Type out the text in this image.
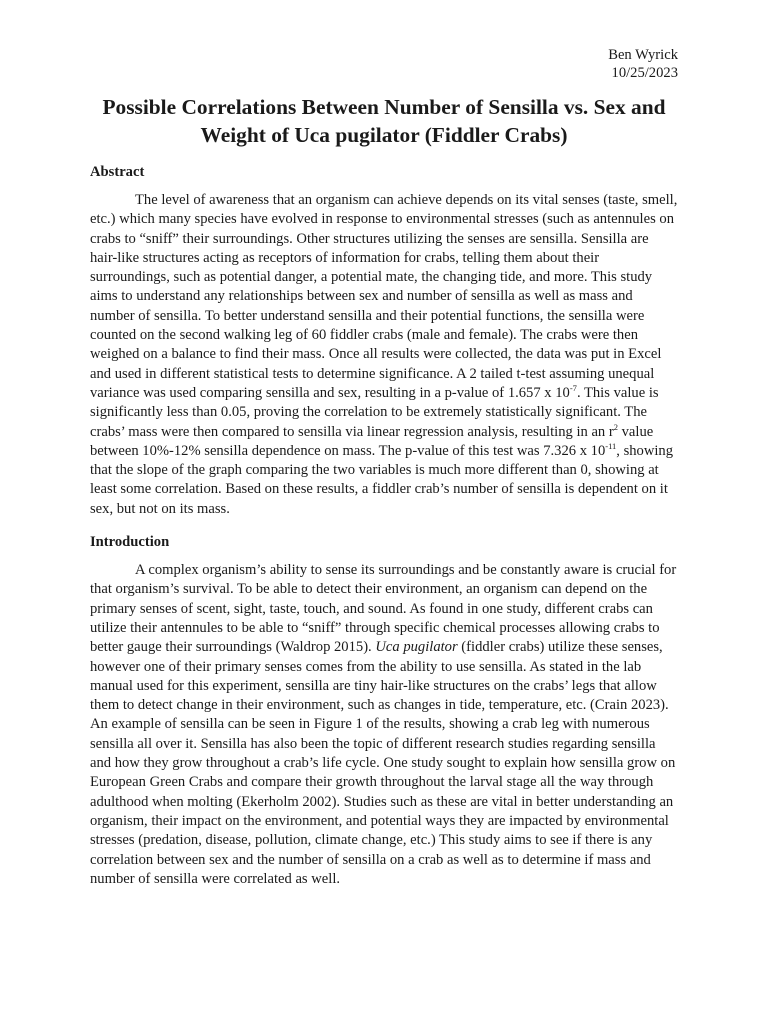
Ben Wyrick
10/25/2023
Possible Correlations Between Number of Sensilla vs. Sex and Weight of Uca pugilator (Fiddler Crabs)
Abstract

The level of awareness that an organism can achieve depends on its vital senses (taste, smell, etc.) which many species have evolved in response to environmental stresses (such as antennules on crabs to “sniff” their surroundings. Other structures utilizing the senses are sensilla. Sensilla are hair-like structures acting as receptors of information for crabs, telling them about their surroundings, such as potential danger, a potential mate, the changing tide, and more. This study aims to understand any relationships between sex and number of sensilla as well as mass and number of sensilla. To better understand sensilla and their potential functions, the sensilla were counted on the second walking leg of 60 fiddler crabs (male and female). The crabs were then weighed on a balance to find their mass. Once all results were collected, the data was put in Excel and used in different statistical tests to determine significance. A 2 tailed t-test assuming unequal variance was used comparing sensilla and sex, resulting in a p-value of 1.657 x $10^{-7}$. This value is significantly less than 0.05, proving the correlation to be extremely statistically significant. The crabs’ mass were then compared to sensilla via linear regression analysis, resulting in an $r^2$ value between 10%-12% sensilla dependence on mass. The p-value of this test was 7.326 x $10^{-11}$, showing that the slope of the graph comparing the two variables is much more different than 0, showing at least some correlation. Based on these results, a fiddler crab’s number of sensilla is dependent on it sex, but not on its mass.

Introduction

A complex organism’s ability to sense its surroundings and be constantly aware is crucial for that organism’s survival. To be able to detect their environment, an organism can depend on the primary senses of scent, sight, taste, touch, and sound. As found in one study, different crabs can utilize their antennules to be able to “sniff” through specific chemical processes allowing crabs to better gauge their surroundings (Waldrop 2015). Uca pugilator (fiddler crabs) utilize these senses, however one of their primary senses comes from the ability to use sensilla. As stated in the lab manual used for this experiment, sensilla are tiny hair-like structures on the crabs’ legs that allow them to detect change in their environment, such as changes in tide, temperature, etc. (Crain 2023). An example of sensilla can be seen in Figure 1 of the results, showing a crab leg with numerous sensilla all over it. Sensilla has also been the topic of different research studies regarding sensilla and how they grow throughout a crab’s life cycle. One study sought to explain how sensilla grow on European Green Crabs and compare their growth throughout the larval stage all the way through adulthood when molting (Ekerholm 2002). Studies such as these are vital in better understanding an organism, their impact on the environment, and potential ways they are impacted by environmental stresses (predation, disease, pollution, climate change, etc.) This study aims to see if there is any correlation between sex and the number of sensilla on a crab as well as to determine if mass and number of sensilla were correlated as well.
